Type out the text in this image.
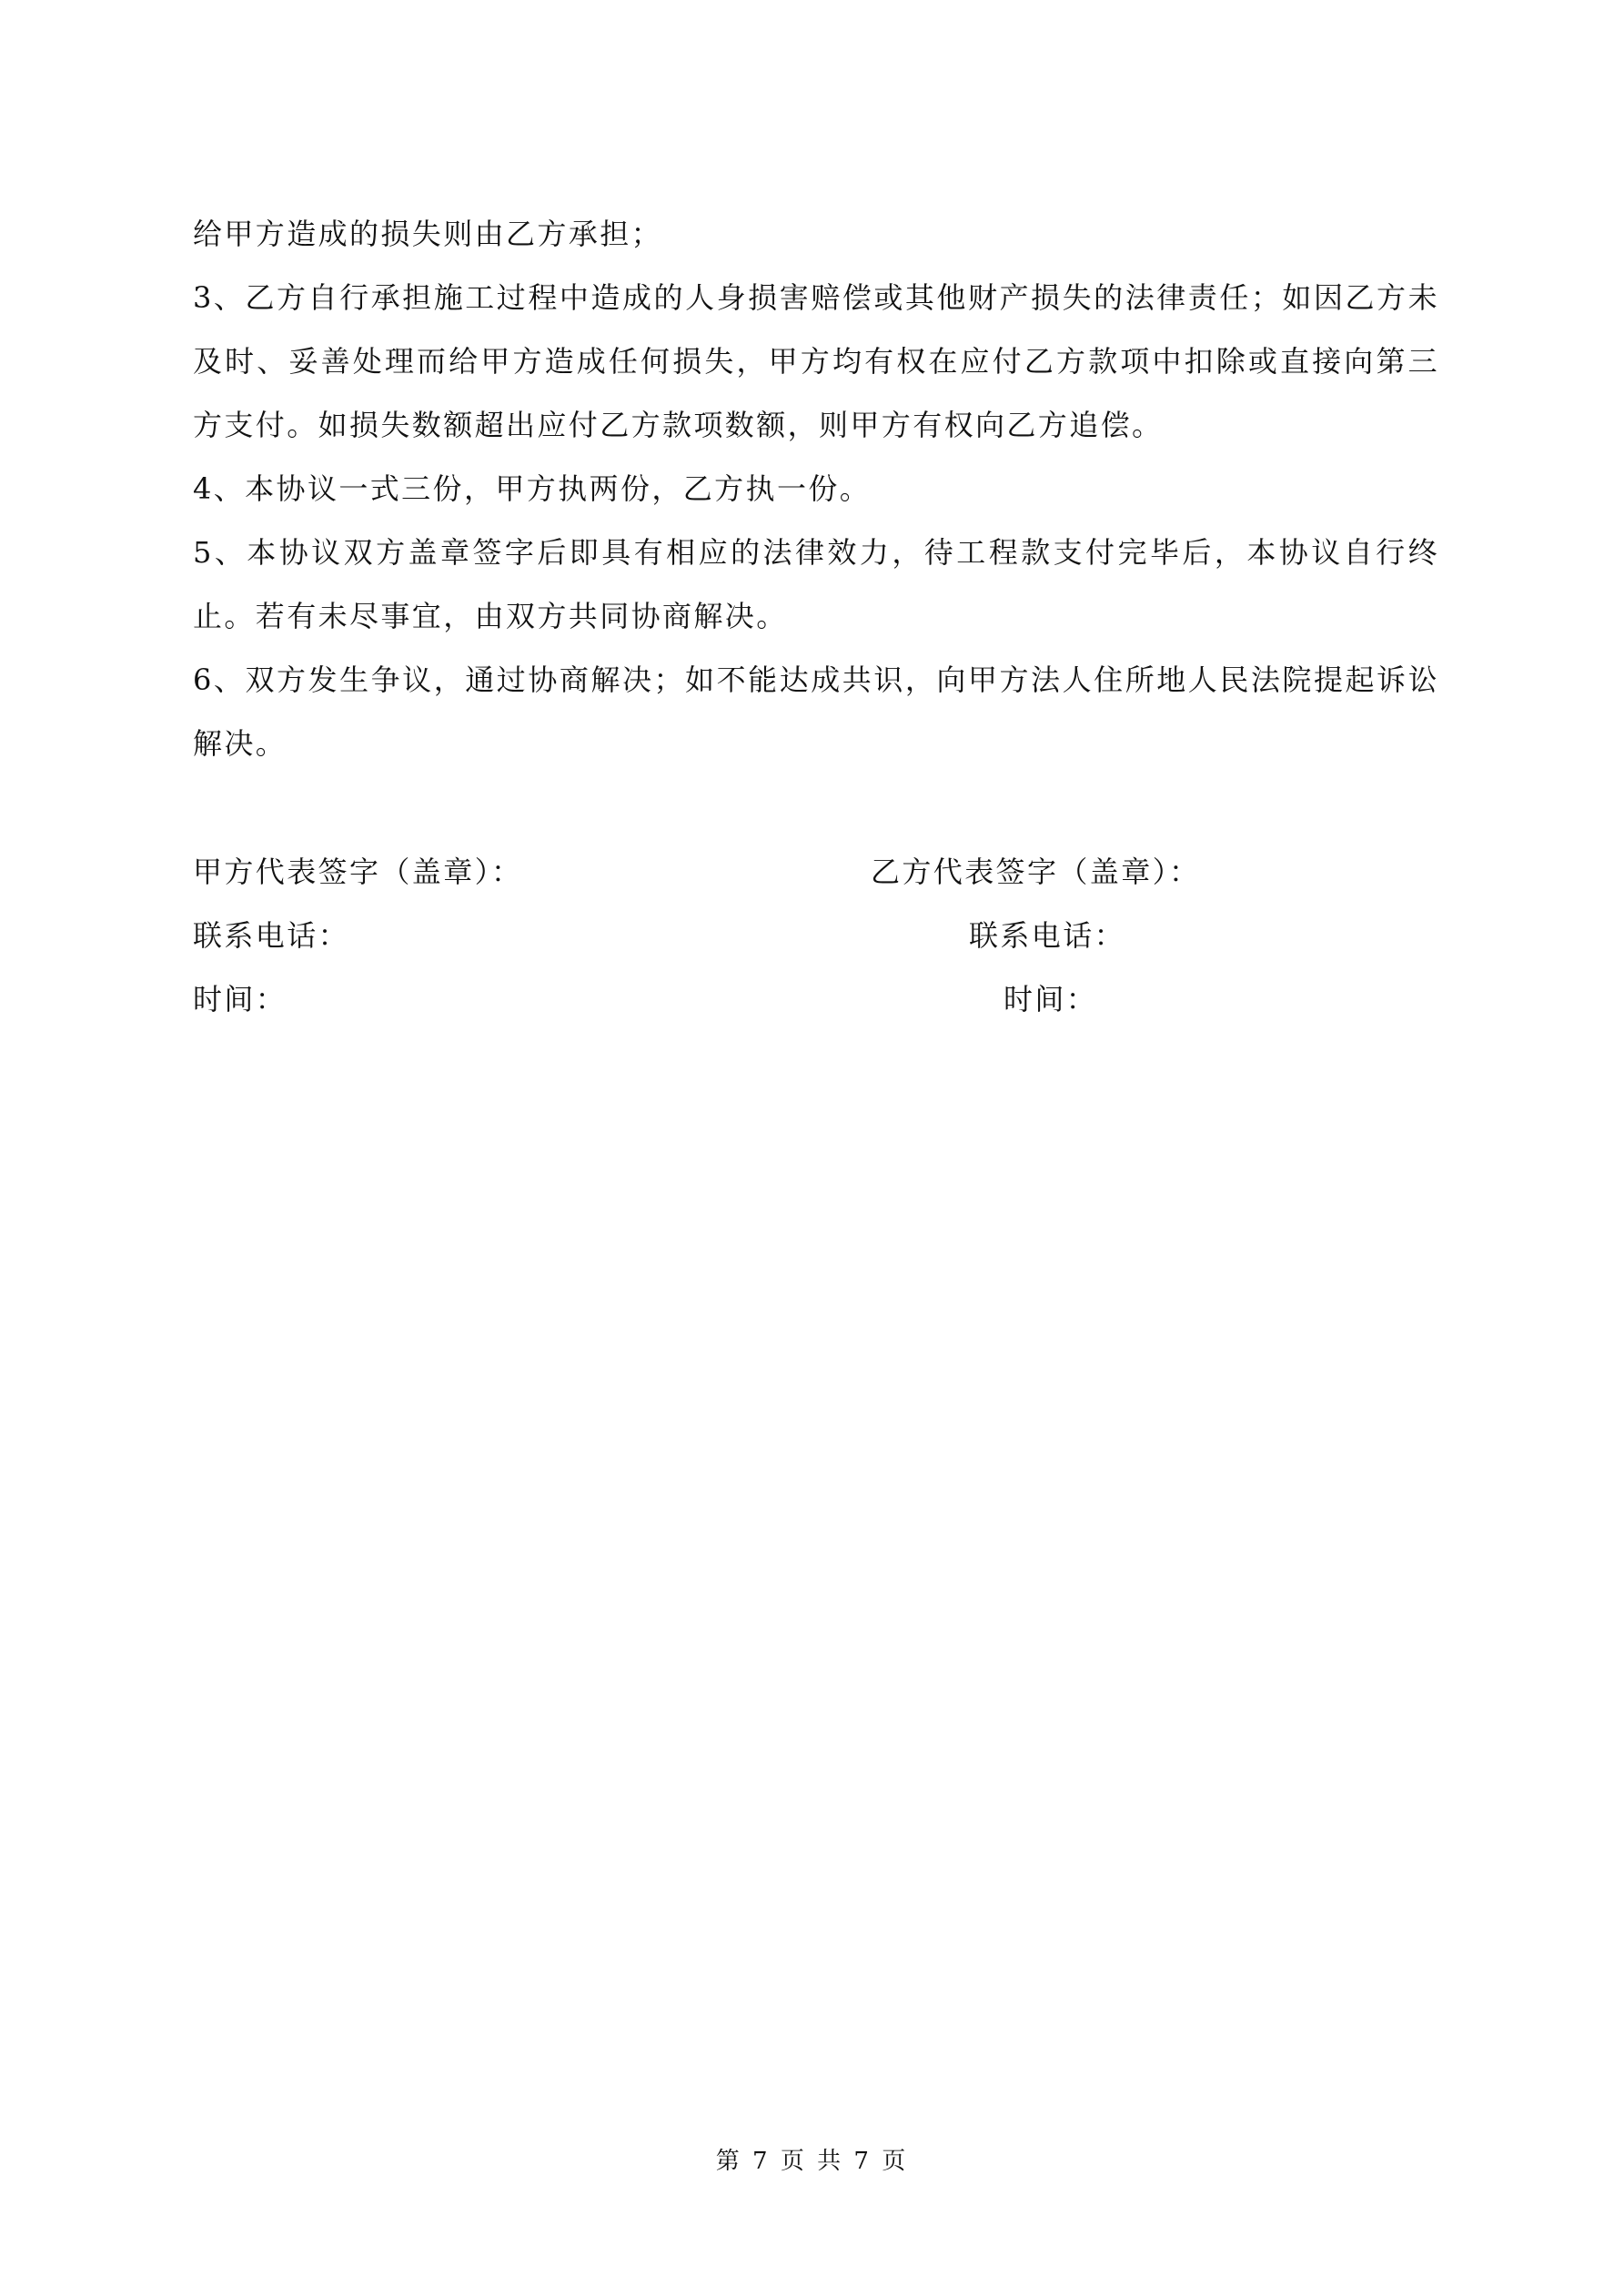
给甲方造成的损失则由乙方承担；

3、乙方自行承担施工过程中造成的人身损害赔偿或其他财产损失的法律责任；如因乙方未及时、妥善处理而给甲方造成任何损失，甲方均有权在应付乙方款项中扣除或直接向第三方支付。如损失数额超出应付乙方款项数额，则甲方有权向乙方追偿。

4、本协议一式三份，甲方执两份，乙方执一份。

5、本协议双方盖章签字后即具有相应的法律效力，待工程款支付完毕后，本协议自行终止。若有未尽事宜，由双方共同协商解决。

6、双方发生争议，通过协商解决；如不能达成共识，向甲方法人住所地人民法院提起诉讼解决。

甲方代表签字（盖章）：	乙方代表签字（盖章）：
联系电话：	联系电话：
时间：	时间：
第 7 页 共 7 页
